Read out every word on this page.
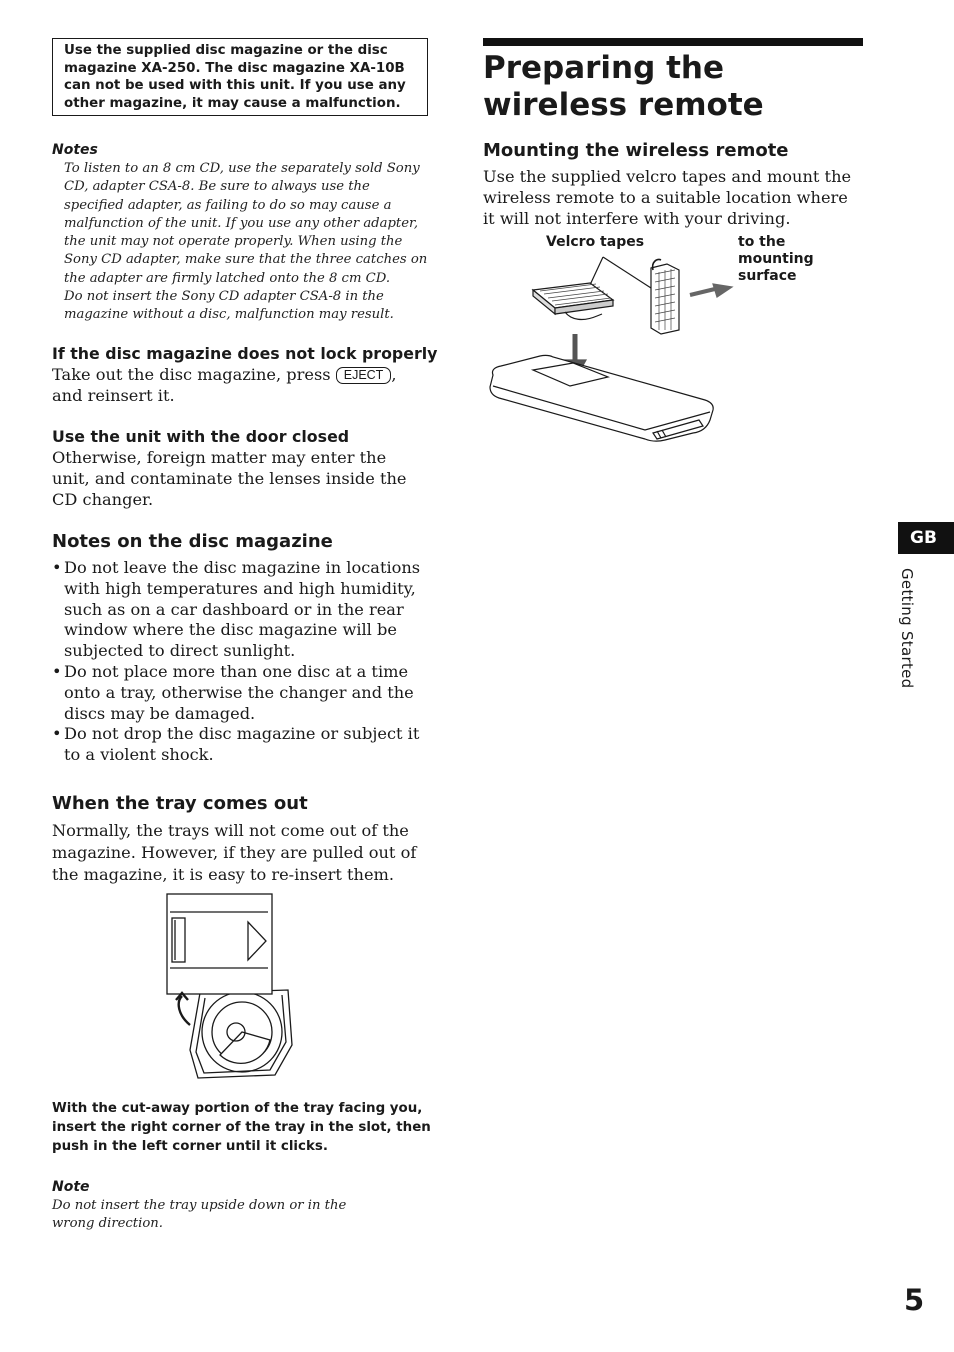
Use the supplied disc magazine or the disc magazine XA-250. The disc magazine XA-10B can not be used with this unit. If you use any other magazine, it may cause a malfunction.
Notes
To listen to an 8 cm CD, use the separately sold Sony CD, adapter CSA-8. Be sure to always use the specified adapter, as failing to do so may cause a malfunction of the unit. If you use any other adapter, the unit may not operate properly. When using the Sony CD adapter, make sure that the three catches on the adapter are firmly latched onto the 8 cm CD.
Do not insert the Sony CD adapter CSA-8 in the magazine without a disc, malfunction may result.
If the disc magazine does not lock properly
Take out the disc magazine, press EJECT , and reinsert it.
Use the unit with the door closed
Otherwise, foreign matter may enter the unit, and contaminate the lenses inside the CD changer.
Notes on the disc magazine
• Do not leave the disc magazine in locations with high temperatures and high humidity, such as on a car dashboard or in the rear window where the disc magazine will be subjected to direct sunlight.
• Do not place more than one disc at a time onto a tray, otherwise the changer and the discs may be damaged.
• Do not drop the disc magazine or subject it to a violent shock.
When the tray comes out
Normally, the trays will not come out of the magazine. However, if they are pulled out of the magazine, it is easy to re-insert them.
With the cut-away portion of the tray facing you, insert the right corner of the tray in the slot, then push in the left corner until it clicks.
Note
Do not insert the tray upside down or in the wrong direction.
Preparing the wireless remote
Mounting the wireless remote
Use the supplied velcro tapes and mount the wireless remote to a suitable location where it will not interfere with your driving.
Velcro tapes	to the mounting surface
GB
Getting Started
5
